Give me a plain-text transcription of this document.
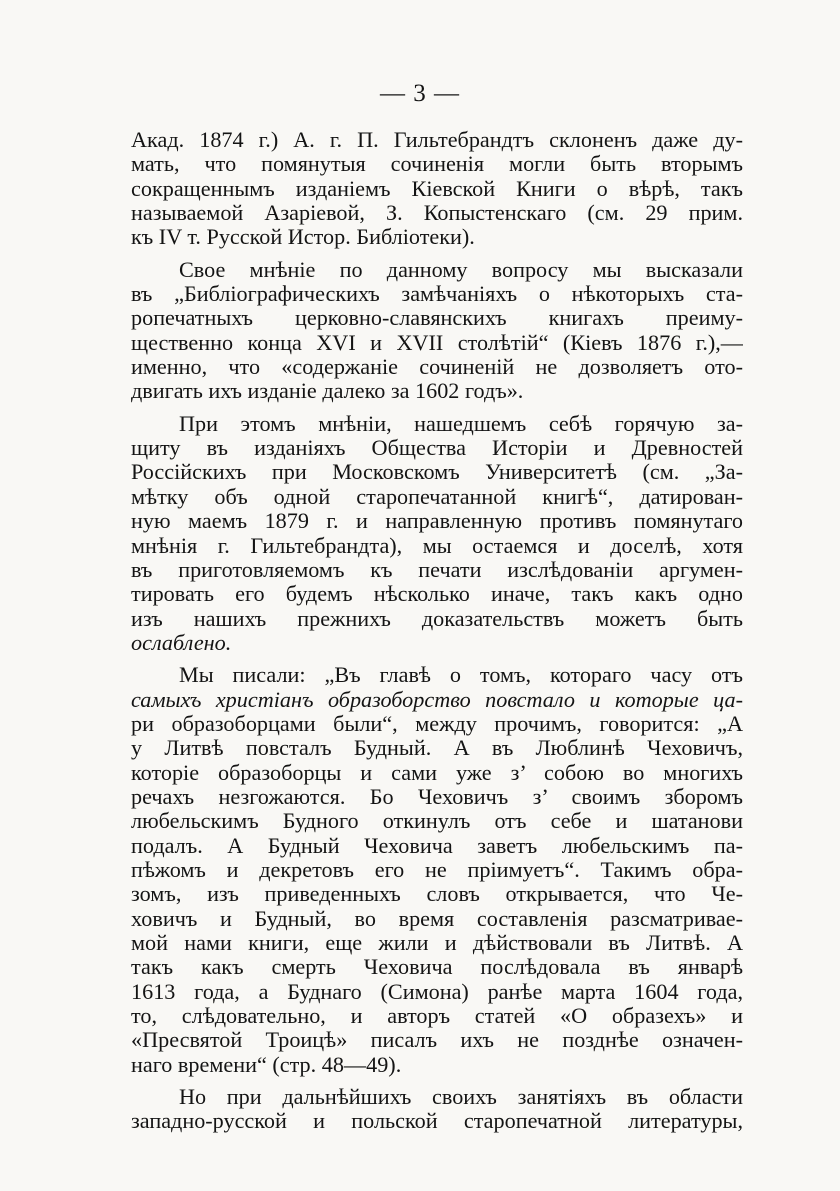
— 3 —
Акад. 1874 г.) А. г. П. Гильтебрандтъ склоненъ даже ду-
мать, что помянутыя сочиненія могли быть вторымъ
сокращеннымъ изданіемъ Кіевской Книги о вѣрѣ, такъ
называемой Азаріевой, З. Копыстенскаго (см. 29 прим.
къ IV т. Русской Истор. Библіотеки).
Свое мнѣніе по данному вопросу мы высказали
въ „Библіографическихъ замѣчаніяхъ о нѣкоторыхъ ста-
ропечатныхъ церковно-славянскихъ книгахъ преиму-
щественно конца XVI и XVII столѣтій“ (Кіевъ 1876 г.),—
именно, что «содержаніе сочиненій не дозволяетъ ото-
двигать ихъ изданіе далеко за 1602 годъ».
При этомъ мнѣніи, нашедшемъ себѣ горячую за-
щиту въ изданіяхъ Общества Исторіи и Древностей
Россійскихъ при Московскомъ Университетѣ (см. „За-
мѣтку объ одной старопечатанной книгѣ“, датирован-
ную маемъ 1879 г. и направленную противъ помянутаго
мнѣнія г. Гильтебрандта), мы остаемся и доселѣ, хотя
въ приготовляемомъ къ печати изслѣдованіи аргумен-
тировать его будемъ нѣсколько иначе, такъ какъ одно
изъ нашихъ прежнихъ доказательствъ можетъ быть
ослаблено.
Мы писали: „Въ главѣ о томъ, котораго часу отъ
самыхъ христіанъ образоборство повстало и которые ца-
ри образоборцами были“, между прочимъ, говорится: „А
у Литвѣ повсталъ Будный. А въ Люблинѣ Чеховичъ,
которіе образоборцы и сами уже з’ собою во многихъ
речахъ незгожаются. Бо Чеховичъ з’ своимъ зборомъ
любельскимъ Будного откинулъ отъ себе и шатанови
подалъ. А Будный Чеховича заветъ любельскимъ па-
пѣжомъ и декретовъ его не пріимуетъ“. Такимъ обра-
зомъ, изъ приведенныхъ словъ открывается, что Че-
ховичъ и Будный, во время составленія разсматривае-
мой нами книги, еще жили и дѣйствовали въ Литвѣ. А
такъ какъ смерть Чеховича послѣдовала въ январѣ
1613 года, а Буднаго (Симона) ранѣе марта 1604 года,
то, слѣдовательно, и авторъ статей «О образехъ» и
«Пресвятой Троицѣ» писалъ ихъ не позднѣе означен-
наго времени“ (стр. 48—49).
Но при дальнѣйшихъ своихъ занятіяхъ въ области
западно-русской и польской старопечатной литературы,
